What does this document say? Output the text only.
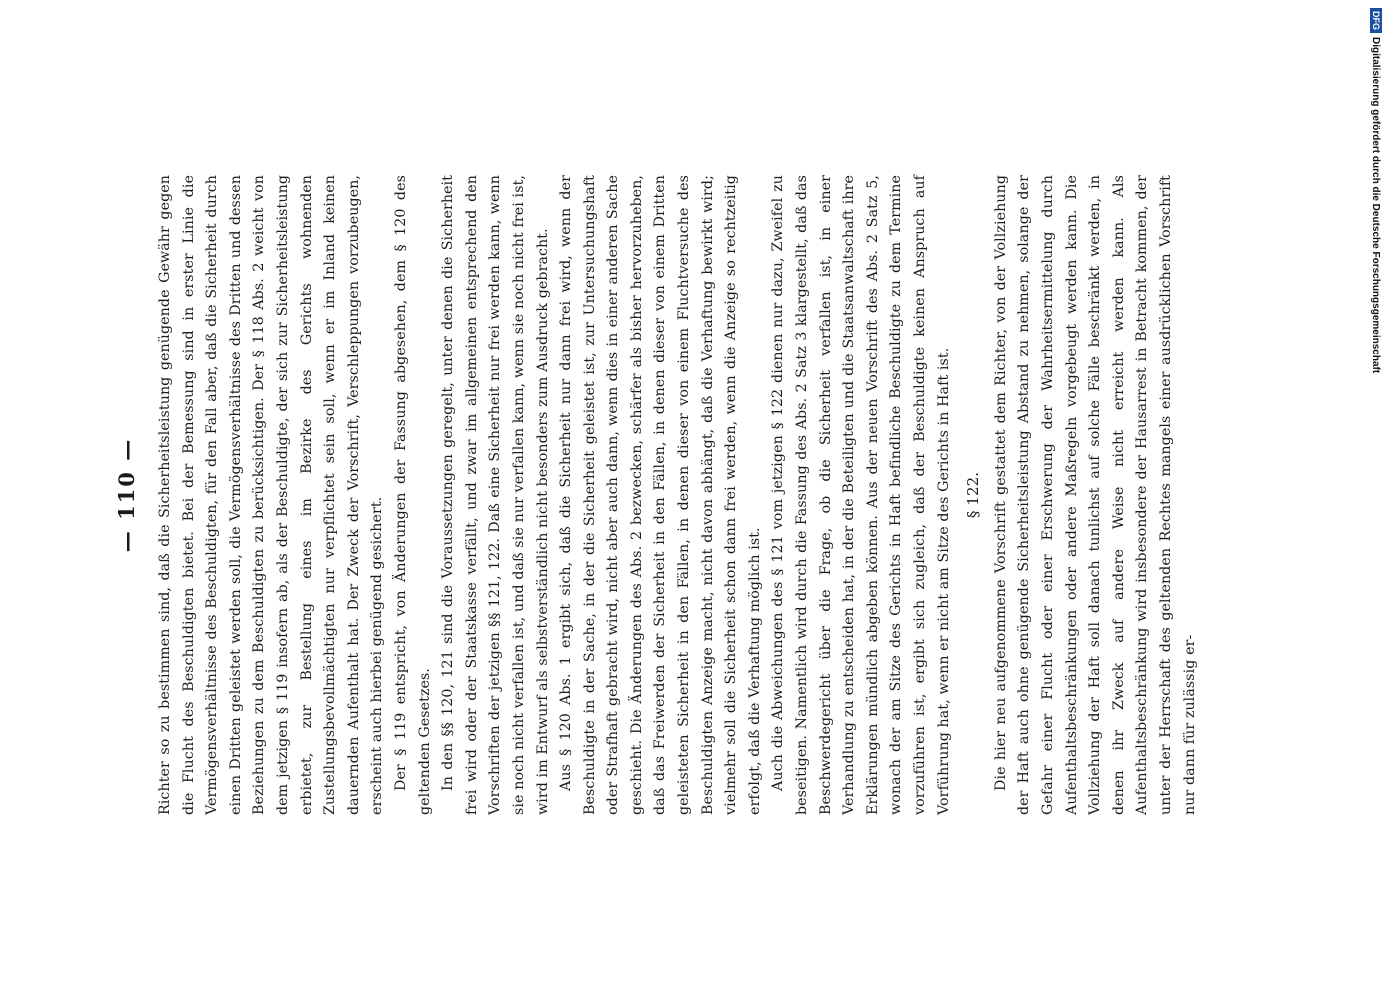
— 110 — Richter so zu bestimmen sind, daß die Sicherheitsleistung genügende Gewähr gegen die Flucht des Beschuldigten bietet. Bei der Bemessung sind in erster Linie die Vermögensverhältnisse des Beschuldigten, für den Fall aber, daß die Sicherheit durch einen Dritten geleistet werden soll, die Vermögensverhältnisse des Dritten und dessen Beziehungen zu dem Beschuldigten zu berücksichtigen. Der § 118 Abs. 2 weicht von dem jetzigen § 119 insofern ab, als der Beschuldigte, der sich zur Sicherheitsleistung erbietet, zur Bestellung eines im Bezirke des Gerichts wohnenden Zustellungsbevollmächtigten nur verpflichtet sein soll, wenn er im Inland keinen dauernden Aufenthalt hat. Der Zweck der Vorschrift, Verschleppungen vorzubeugen, erscheint auch hierbei genügend gesichert. Der § 119 entspricht, von Änderungen der Fassung abgesehen, dem § 120 des geltenden Gesetzes. In den §§ 120, 121 sind die Voraussetzungen geregelt, unter denen die Sicherheit frei wird oder der Staatskasse verfällt, und zwar im allgemeinen entsprechend den Vorschriften der jetzigen §§ 121, 122. Daß eine Sicherheit nur frei werden kann, wenn sie noch nicht verfallen ist, und daß sie nur verfallen kann, wenn sie noch nicht frei ist, wird im Entwurf als selbstverständlich nicht besonders zum Ausdruck gebracht. Aus § 120 Abs. 1 ergibt sich, daß die Sicherheit nur dann frei wird, wenn der Beschuldigte in der Sache, in der die Sicherheit geleistet ist, zur Untersuchungshaft oder Strafhaft gebracht wird, nicht aber auch dann, wenn dies in einer anderen Sache geschieht. Die Änderungen des Abs. 2 bezwecken, schärfer als bisher hervorzuheben, daß das Freiwerden der Sicherheit in den Fällen, in denen dieser von einem Dritten geleisteten Sicherheit in den Fällen, in denen dieser von einem Fluchtversuche des Beschuldigten Anzeige macht, nicht davon abhängt, daß die Verhaftung bewirkt wird; vielmehr soll die Sicherheit schon dann frei werden, wenn die Anzeige so rechtzeitig erfolgt, daß die Verhaftung möglich ist. Auch die Abweichungen des § 121 vom jetzigen § 122 dienen nur dazu, Zweifel zu beseitigen. Namentlich wird durch die Fassung des Abs. 2 Satz 3 klargestellt, daß das Beschwerdegericht über die Frage, ob die Sicherheit verfallen ist, in einer Verhandlung zu entscheiden hat, in der die Beteiligten und die Staatsanwaltschaft ihre Erklärungen mündlich abgeben können. Aus der neuen Vorschrift des Abs. 2 Satz 5, wonach der am Sitze des Gerichts in Haft befindliche Beschuldigte zu dem Termine vorzuführen ist, ergibt sich zugleich, daß der Beschuldigte keinen Anspruch auf Vorführung hat, wenn er nicht am Sitze des Gerichts in Haft ist. § 122. Die hier neu aufgenommene Vorschrift gestattet dem Richter, von der Vollziehung der Haft auch ohne genügende Sicherheitsleistung Abstand zu nehmen, solange der Gefahr einer Flucht oder einer Erschwerung der Wahrheitsermittelung durch Aufenthaltsbeschränkungen oder andere Maßregeln vorgebeugt werden kann. Die Vollziehung der Haft soll danach tunlichst auf solche Fälle beschränkt werden, in denen ihr Zweck auf andere Weise nicht erreicht werden kann. Als Aufenthaltsbeschränkung wird insbesondere der Hausarrest in Betracht kommen, der unter der Herrschaft des geltenden Rechtes mangels einer ausdrücklichen Vorschrift nur dann für zulässig er-

DFG
Digitalisierung gefördert durch die Deutsche Forschungsgemeinschaft
